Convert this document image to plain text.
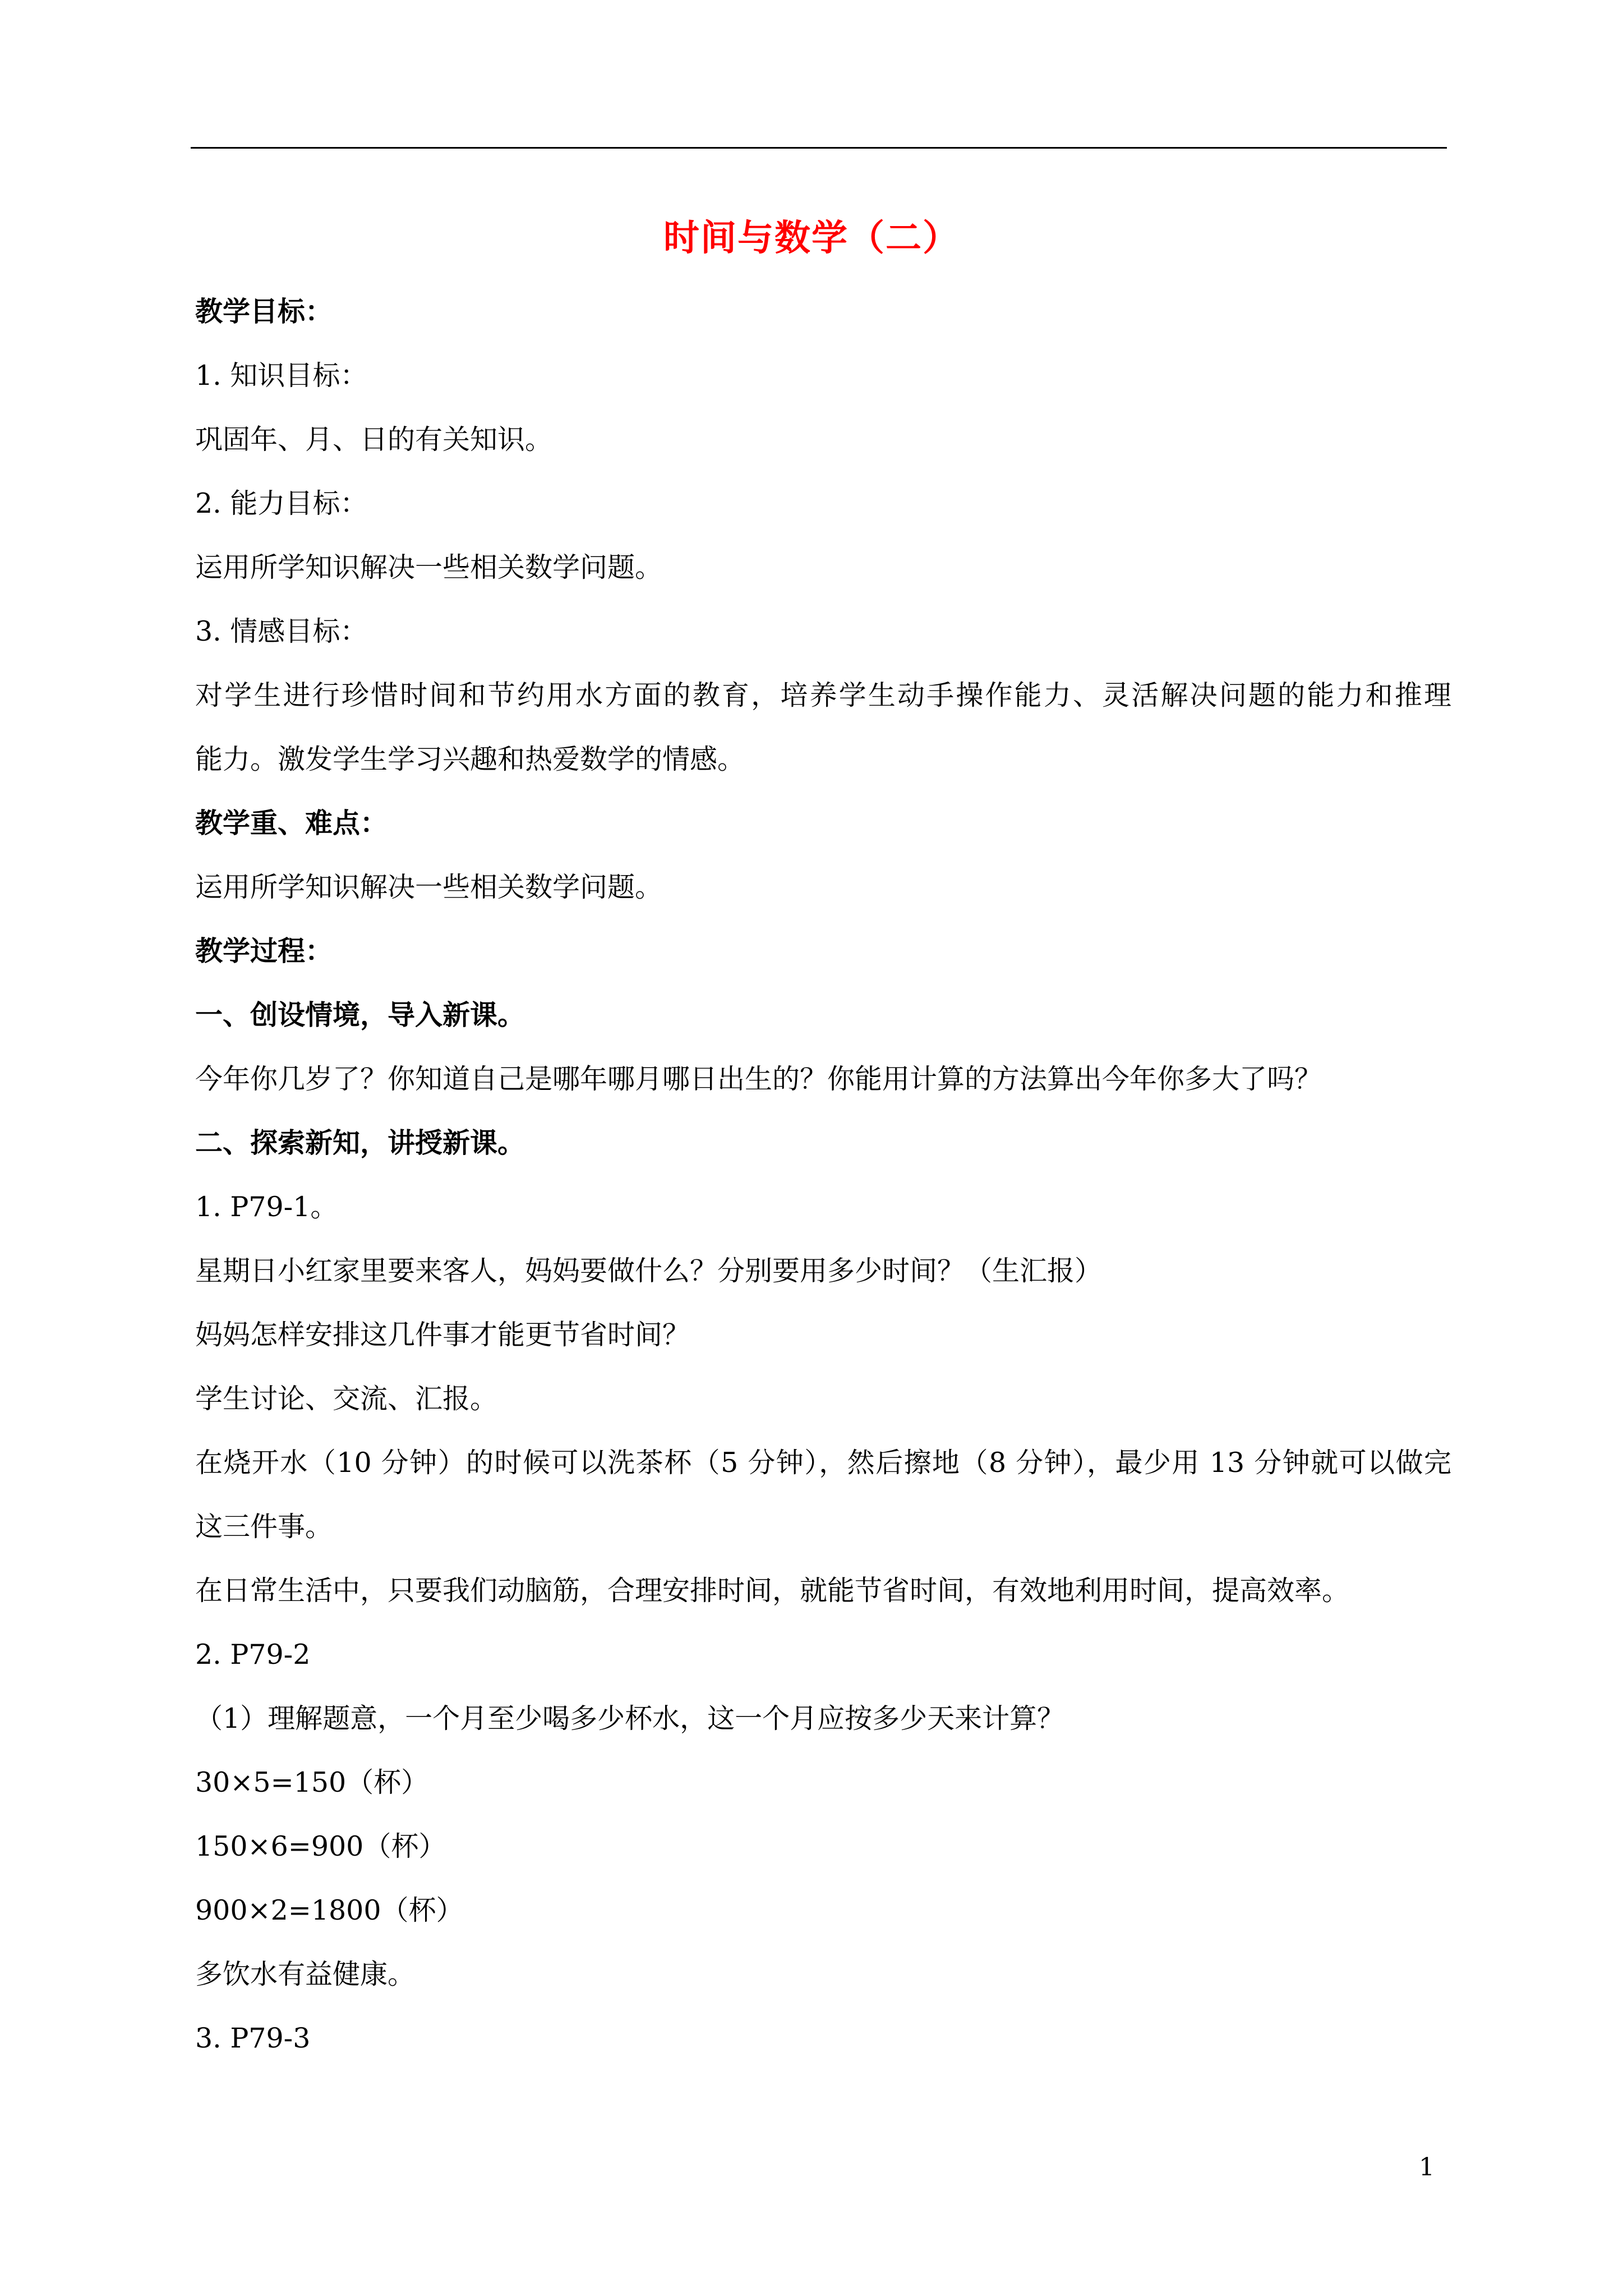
时间与数学（二）

教学目标：

1. 知识目标：

巩固年、月、日的有关知识。

2. 能力目标：

运用所学知识解决一些相关数学问题。

3. 情感目标：

对学生进行珍惜时间和节约用水方面的教育，培养学生动手操作能力、灵活解决问题的能力和推理

能力。激发学生学习兴趣和热爱数学的情感。

教学重、难点：

运用所学知识解决一些相关数学问题。

教学过程：

一、创设情境，导入新课。

今年你几岁了？你知道自己是哪年哪月哪日出生的？你能用计算的方法算出今年你多大了吗？

二、探索新知，讲授新课。

1. P79-1。

星期日小红家里要来客人，妈妈要做什么？分别要用多少时间？（生汇报）

妈妈怎样安排这几件事才能更节省时间？

学生讨论、交流、汇报。

在烧开水（10 分钟）的时候可以洗茶杯（5 分钟），然后擦地（8 分钟），最少用 13 分钟就可以做完

这三件事。

在日常生活中，只要我们动脑筋，合理安排时间，就能节省时间，有效地利用时间，提高效率。

2. P79-2

（1）理解题意，一个月至少喝多少杯水，这一个月应按多少天来计算？

30×5=150（杯）

150×6=900（杯）

900×2=1800（杯）

多饮水有益健康。

3. P79-3

1
